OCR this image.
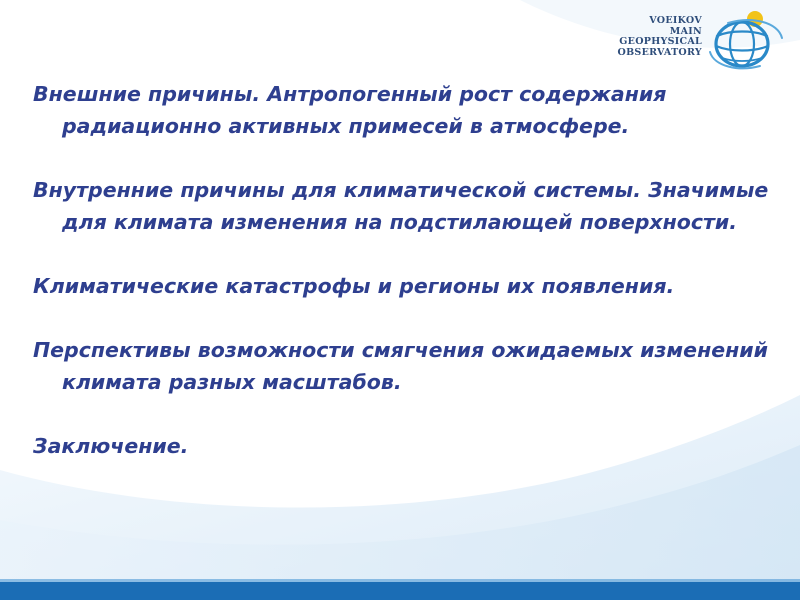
VOEIKOV
MAIN
GEOPHYSICAL
OBSERVATORY

Внешние причины. Антропогенный рост содержания радиационно активных примесей в атмосфере.

Внутренние причины для климатической системы. Значимые для климата изменения на подстилающей поверхности.

Климатические катастрофы и регионы их появления.

Перспективы возможности смягчения ожидаемых изменений климата разных масштабов.

Заключение.
